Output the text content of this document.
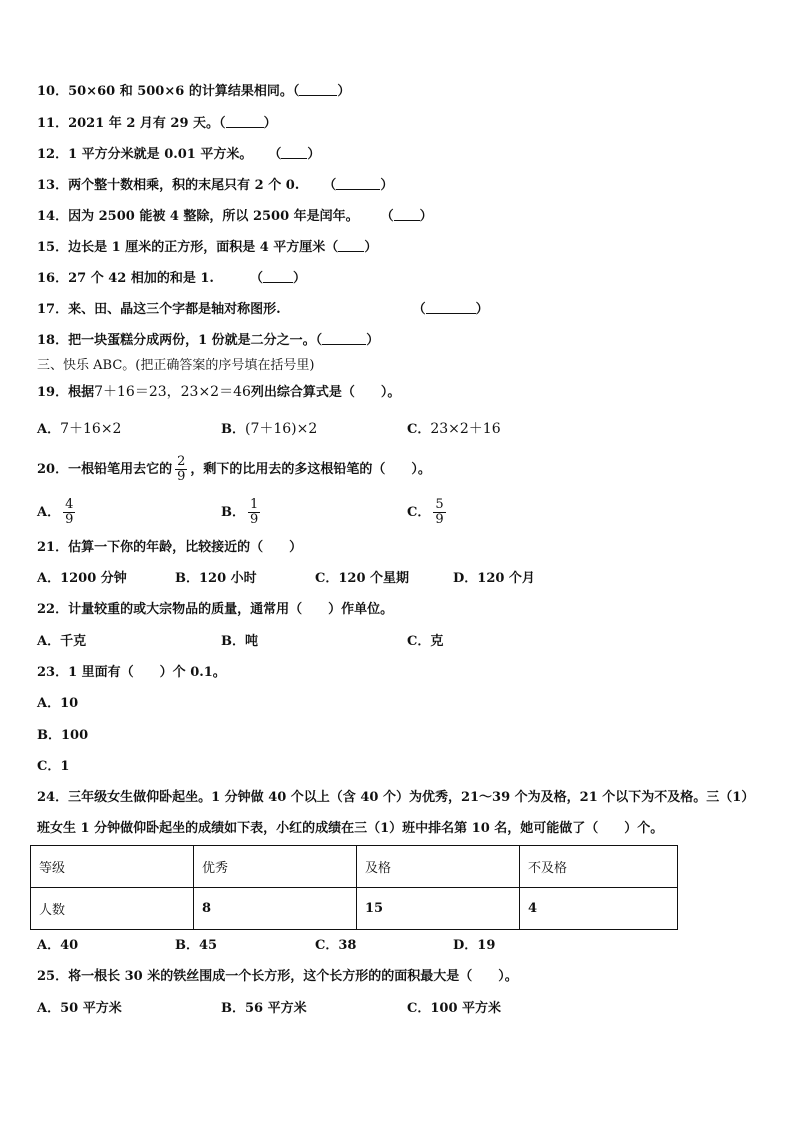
10．50×60 和 500×6 的计算结果相同。（	）
11．2021 年 2 月有 29 天。（	）
12．1 平方分米就是 0.01 平方米。 （ ）
13．两个整十数相乘，积的末尾只有 2 个 0. （	）
14．因为 2500 能被 4 整除，所以 2500 年是闰年。 （ ）
15．边长是 1 厘米的正方形，面积是 4 平方厘米（ ）
16．27 个 42 相加的和是 1.	（ ）
17．来、田、晶这三个字都是轴对称图形.	（	）
18．把一块蛋糕分成两份，1 份就是二分之一。（	）
三、快乐 ABC。(把正确答案的序号填在括号里)
19．根据7＋16＝23，23×2＝46列出综合算式是（　　）。
A．7＋16×2	B．(7＋16)×2	C．23×2＋16
20．一根铅笔用去它的 $\frac{2}{9}$ ，剩下的比用去的多这根铅笔的（　　）。
A． $\frac{4}{9}$	B． $\frac{1}{9}$	C． $\frac{5}{9}$
21．估算一下你的年龄，比较接近的（　　）
A．1200 分钟	B．120 小时	C．120 个星期	D．120 个月
22．计量较重的或大宗物品的质量，通常用（　　）作单位。
A．千克	B．吨	C．克
23．1 里面有（　　）个 0.1。
A．10
B．100
C．1
24．三年级女生做仰卧起坐。1 分钟做 40 个以上（含 40 个）为优秀，21～39 个为及格，21 个以下为不及格。三（1）
班女生 1 分钟做仰卧起坐的成绩如下表，小红的成绩在三（1）班中排名第 10 名，她可能做了（　　）个。
等级	优秀	及格	不及格
人数	8	15	4
A．40	B．45	C．38	D．19
25．将一根长 30 米的铁丝围成一个长方形，这个长方形的的面积最大是（　　）。
A．50 平方米	B．56 平方米	C．100 平方米
